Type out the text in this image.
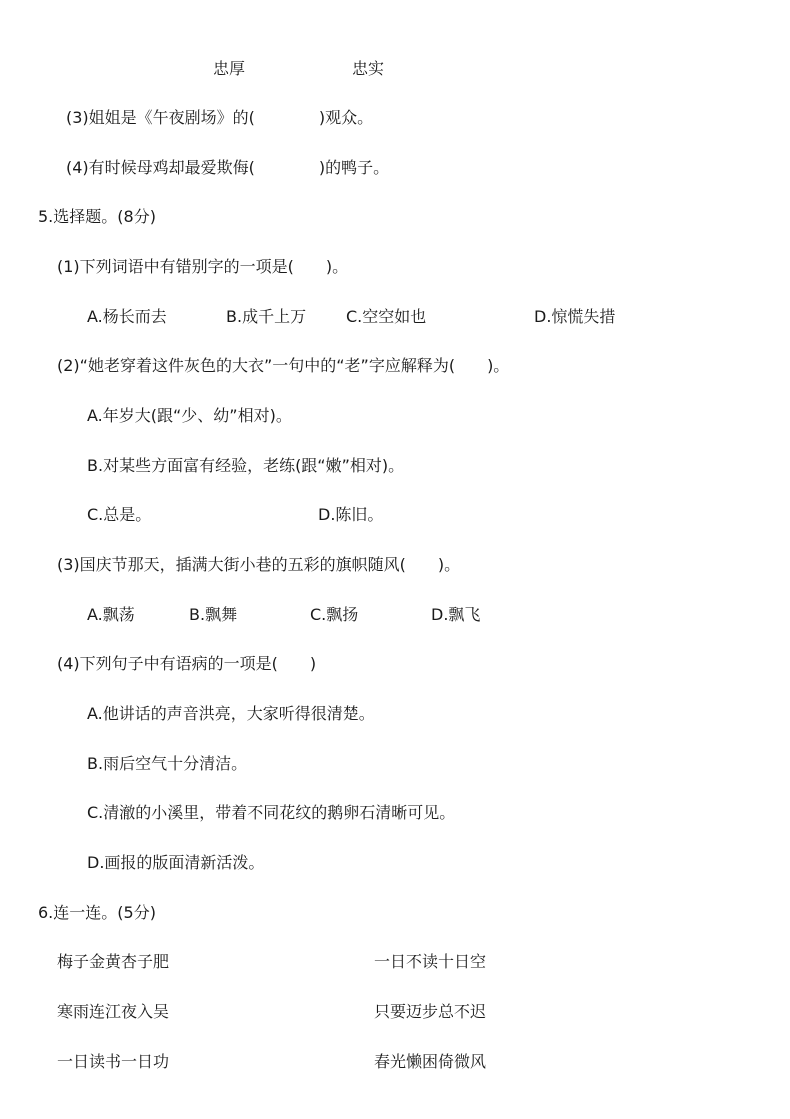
忠厚	忠实
(3)姐姐是《午夜剧场》的(　　　　)观众。
(4)有时候母鸡却最爱欺侮(　　　　)的鸭子。
5.选择题。(8分)
(1)下列词语中有错别字的一项是(　　)。
A.杨长而去	B.成千上万 C.空空如也	D.惊慌失措
(2)“她老穿着这件灰色的大衣”一句中的“老”字应解释为(　　)。
A.年岁大(跟“少、幼”相对)。
B.对某些方面富有经验，老练(跟“嫩”相对)。
C.总是。	D.陈旧。
(3)国庆节那天，插满大街小巷的五彩的旗帜随风(　　)。
A.飘荡	B.飘舞	C.飘扬	D.飘飞
(4)下列句子中有语病的一项是(　　)
A.他讲话的声音洪亮，大家听得很清楚。
B.雨后空气十分清洁。
C.清澈的小溪里，带着不同花纹的鹅卵石清晰可见。
D.画报的版面清新活泼。
6.连一连。(5分)
梅子金黄杏子肥	一日不读十日空
寒雨连江夜入吴	只要迈步总不迟
一日读书一日功	春光懒困倚微风
